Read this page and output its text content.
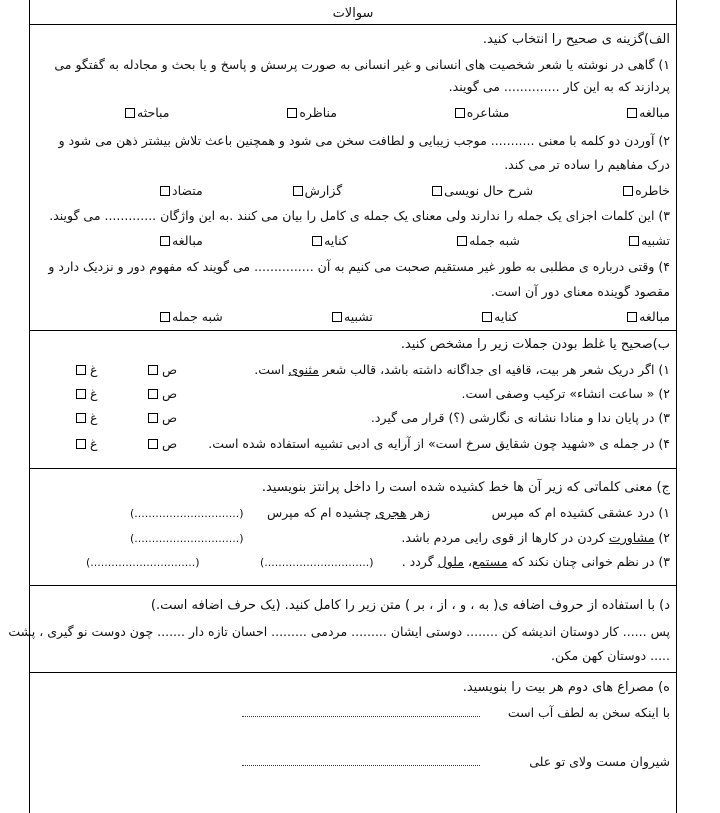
سوالات
الف)گزینه ی صحیح را انتخاب کنید.
۱) گاهی در نوشته یا شعر شخصیت های انسانی و غیر انسانی به صورت پرسش و پاسخ و یا بحث و مجادله به گفتگو می
پردازند که به این کار .............. می گویند.
مبالغه
مشاعره
مناظره
مباحثه
۲) آوردن دو کلمه با معنی ........... موجب زیبایی و لطافت سخن می شود و همچنین باعث تلاش بیشتر ذهن می شود و
درک مفاهیم را ساده تر می کند.
خاطره
شرح حال نویسی
گزارش
متضاد
۳) این کلمات اجزای یک جمله را ندارند ولی معنای یک جمله ی کامل را بیان می کنند .به این واژگان ............. می گویند.
تشبیه
شبه جمله
کنایه
مبالغه
۴) وقتی درباره ی مطلبی به طور غیر مستقیم صحبت می کنیم به آن ............... می گویند که مفهوم دور و نزدیک دارد و
مقصود گوینده معنای دور آن است.
مبالغه
کنایه
تشبیه
شبه جمله
ب)صحیح یا غلط بودن جملات زیر را مشخص کنید.
۱) اگر دریک شعر هر بیت، قافیه ای جداگانه داشته باشد، قالب شعر مثنوی است.
۲) « ساعت انشاء» ترکیب وصفی است.
۳) در پایان ندا و منادا نشانه ی نگارشی (؟) قرار می گیرد.
۴) در جمله ی «شهید چون شقایق سرخ است» از آرایه ی ادبی تشبیه استفاده شده است.
ص
غ
ص
غ
ص
غ
ص
غ
ج) معنی کلماتی که زیر آن ها خط کشیده شده است را داخل پرانتز بنویسید.
۱) درد عشقی کشیده ام که مپرس
زهر هجری چشیده ام که مپرس
(..............................)
۲) مشاورت کردن در کارها از قوی رایی مردم باشد.
(..............................)
۳) در نظم خوانی چنان نکند که مستمع، ملول گردد .
(..............................)
(..............................)
د) با استفاده از حروف اضافه ی( به ، و ، از ، بر ) متن زیر را کامل کنید. (یک حرف اضافه است.)
پس ...... کار دوستان اندیشه کن ........ دوستی ایشان ......... مردمی ......... احسان تازه دار ....... چون دوست نو گیری ، پشت
..... دوستان کهن مکن.
ه) مصراع های دوم هر بیت را بنویسید.
با اینکه سخن به لطف آب است
شیروان مست ولای تو علی
